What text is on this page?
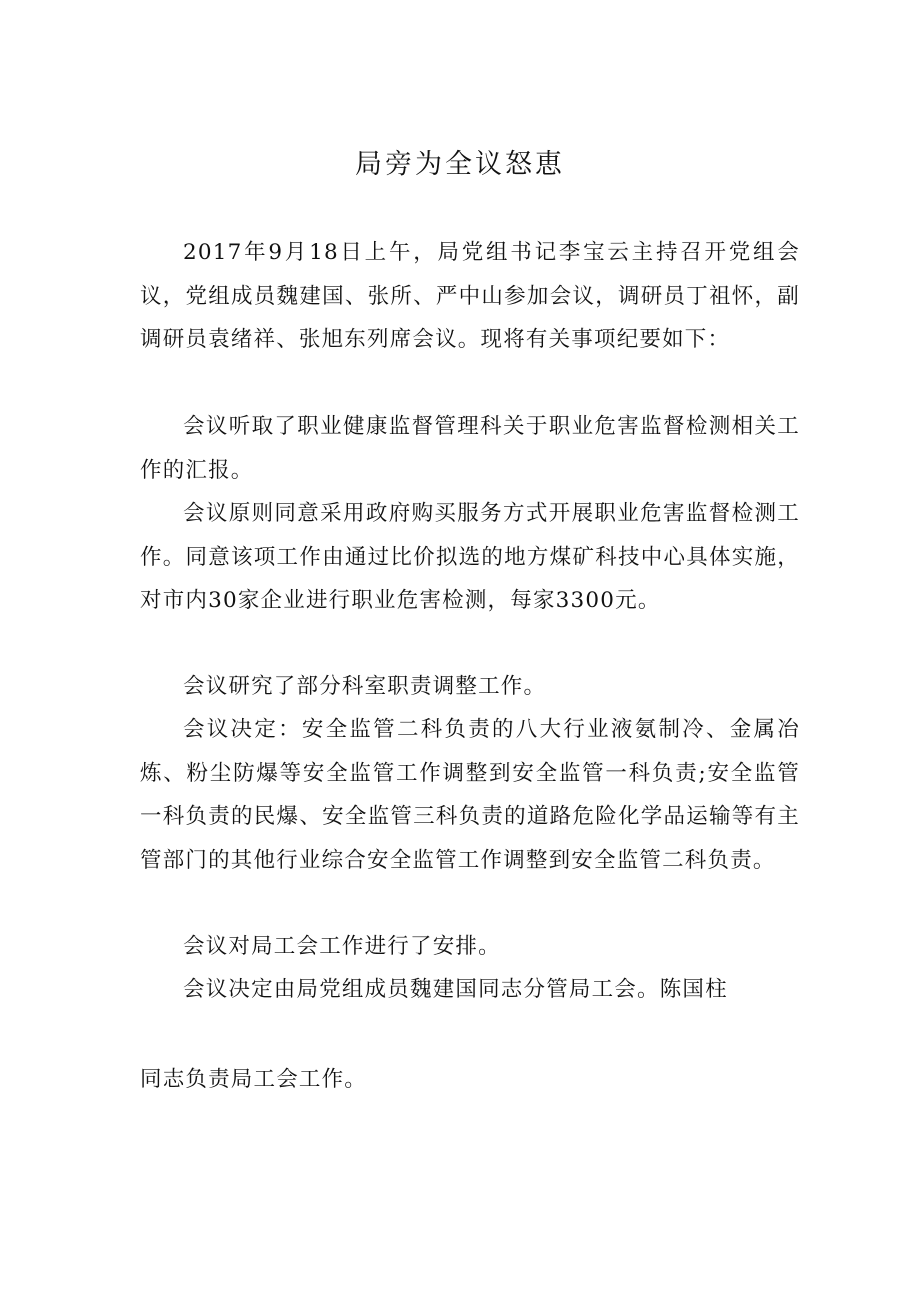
局旁为全议怒恵
2017年9月18日上午，局党组书记李宝云主持召开党组会议，党组成员魏建国、张所、严中山参加会议，调研员丁祖怀，副调研员袁绪祥、张旭东列席会议。现将有关事项纪要如下：
会议听取了职业健康监督管理科关于职业危害监督检测相关工作的汇报。
会议原则同意采用政府购买服务方式开展职业危害监督检测工作。同意该项工作由通过比价拟选的地方煤矿科技中心具体实施，对市内30家企业进行职业危害检测，每家3300元。
会议研究了部分科室职责调整工作。
会议决定：安全监管二科负责的八大行业液氨制冷、金属冶炼、粉尘防爆等安全监管工作调整到安全监管一科负责;安全监管一科负责的民爆、安全监管三科负责的道路危险化学品运输等有主管部门的其他行业综合安全监管工作调整到安全监管二科负责。
会议对局工会工作进行了安排。
会议决定由局党组成员魏建国同志分管局工会。陈国柱
同志负责局工会工作。
